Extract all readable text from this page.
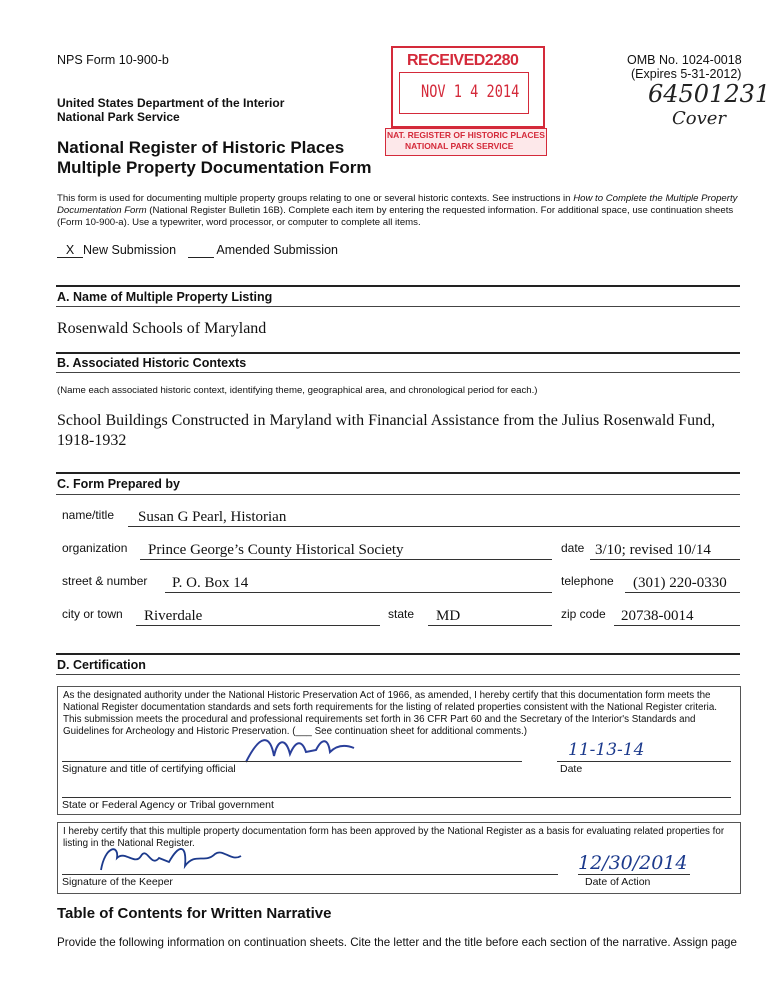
NPS Form 10-900-b
United States Department of the Interior
National Park Service
National Register of Historic Places
Multiple Property Documentation Form
RECEIVED2280
NOV 1 4 2014
NAT. REGISTER OF HISTORIC PLACES
NATIONAL PARK SERVICE
OMB No. 1024-0018
(Expires 5-31-2012)
64501231
Cover
This form is used for documenting multiple property groups relating to one or several historic contexts. See instructions in How to Complete the Multiple Property Documentation Form (National Register Bulletin 16B). Complete each item by entering the requested information. For additional space, use continuation sheets (Form 10-900-a). Use a typewriter, word processor, or computer to complete all items.
X New Submission	Amended Submission
A. Name of Multiple Property Listing
Rosenwald Schools of Maryland
B. Associated Historic Contexts
(Name each associated historic context, identifying theme, geographical area, and chronological period for each.)
School Buildings Constructed in Maryland with Financial Assistance from the Julius Rosenwald Fund, 1918-1932
C. Form Prepared by
name/title Susan G Pearl, Historian
organization Prince George’s County Historical Society	date 3/10; revised 10/14
street & number P. O. Box 14	telephone (301) 220-0330
city or town Riverdale	state MD	zip code 20738-0014
D. Certification
As the designated authority under the National Historic Preservation Act of 1966, as amended, I hereby certify that this documentation form meets the National Register documentation standards and sets forth requirements for the listing of related properties consistent with the National Register criteria. This submission meets the procedural and professional requirements set forth in 36 CFR Part 60 and the Secretary of the Interior's Standards and Guidelines for Archeology and Historic Preservation. (___ See continuation sheet for additional comments.)
Signature and title of certifying official
11-13-14
Date
State or Federal Agency or Tribal government
I hereby certify that this multiple property documentation form has been approved by the National Register as a basis for evaluating related properties for listing in the National Register.
Signature of the Keeper
12/30/2014
Date of Action
Table of Contents for Written Narrative
Provide the following information on continuation sheets. Cite the letter and the title before each section of the narrative. Assign page
